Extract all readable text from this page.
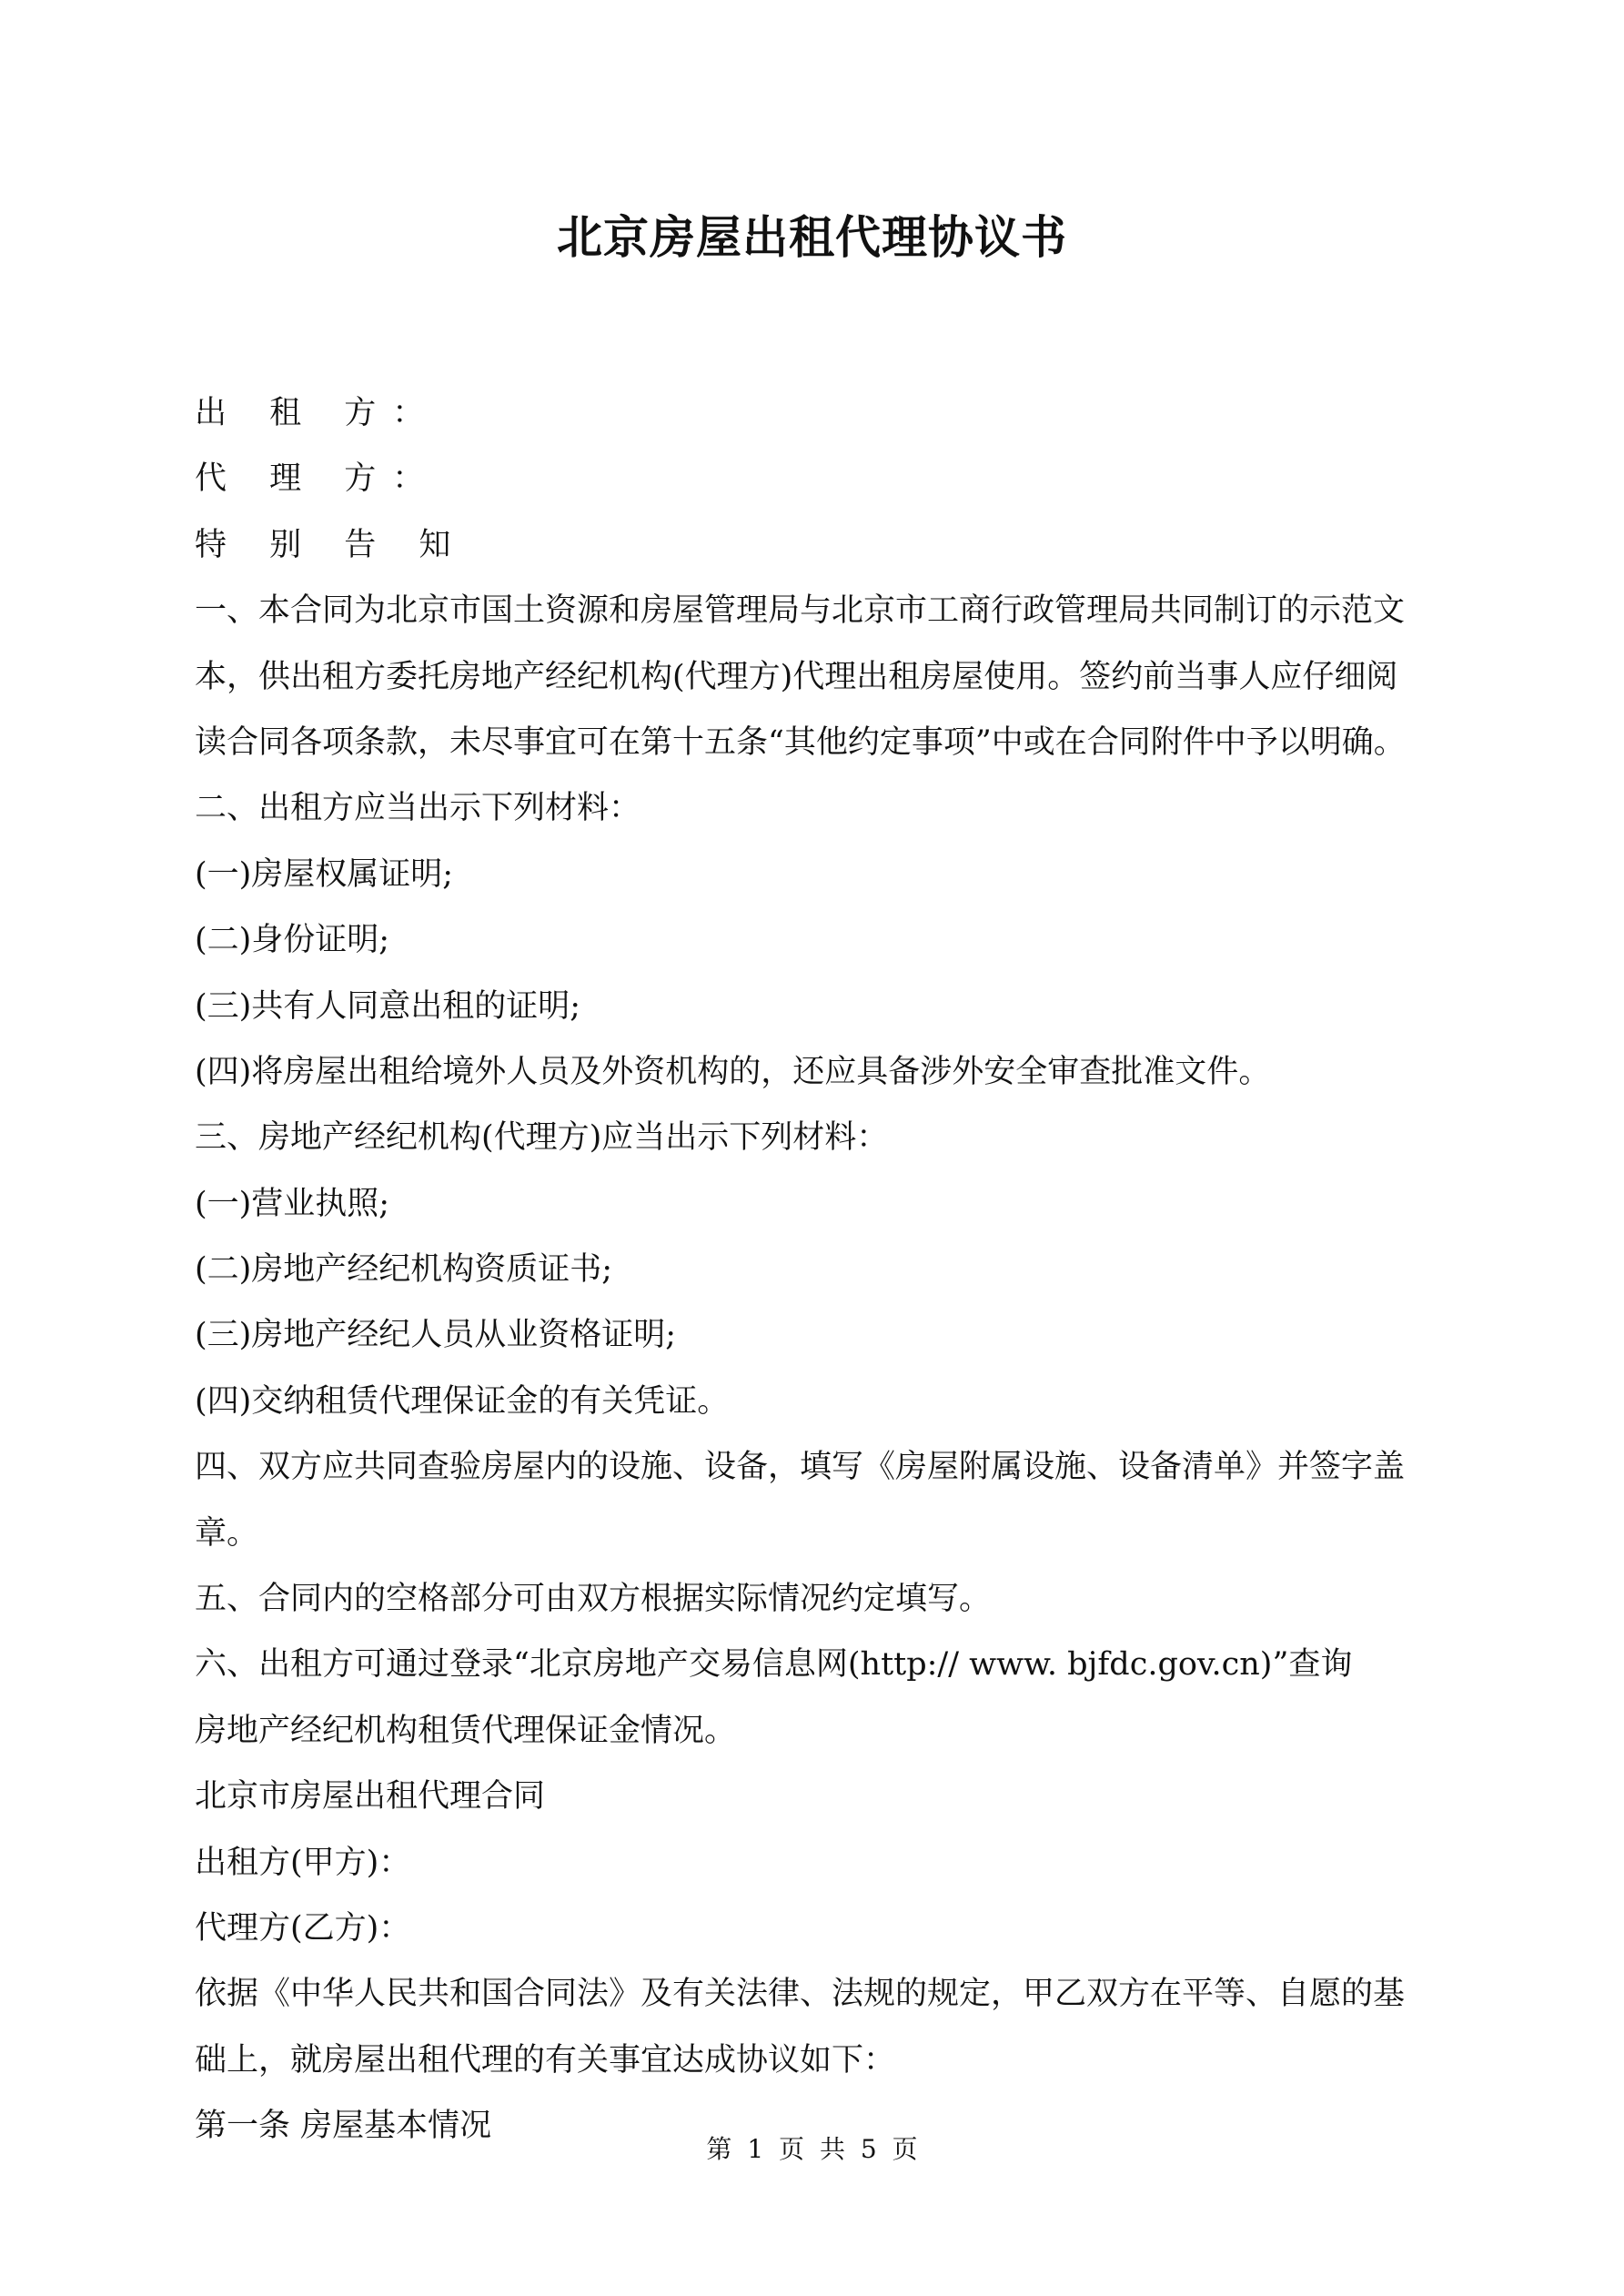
北京房屋出租代理协议书
出 租 方：
代 理 方：
特 别 告 知
一、本合同为北京市国土资源和房屋管理局与北京市工商行政管理局共同制订的示范文
本，供出租方委托房地产经纪机构(代理方)代理出租房屋使用。签约前当事人应仔细阅
读合同各项条款，未尽事宜可在第十五条“其他约定事项”中或在合同附件中予以明确。
二、出租方应当出示下列材料：
(一)房屋权属证明;
(二)身份证明;
(三)共有人同意出租的证明;
(四)将房屋出租给境外人员及外资机构的，还应具备涉外安全审查批准文件。
三、房地产经纪机构(代理方)应当出示下列材料：
(一)营业执照;
(二)房地产经纪机构资质证书;
(三)房地产经纪人员从业资格证明;
(四)交纳租赁代理保证金的有关凭证。
四、双方应共同查验房屋内的设施、设备，填写《房屋附属设施、设备清单》并签字盖
章。
五、合同内的空格部分可由双方根据实际情况约定填写。
六、出租方可通过登录“北京房地产交易信息网(http:// www. bjfdc.gov.cn)”查询
房地产经纪机构租赁代理保证金情况。
北京市房屋出租代理合同
出租方(甲方)：
代理方(乙方)：
依据《中华人民共和国合同法》及有关法律、法规的规定，甲乙双方在平等、自愿的基
础上，就房屋出租代理的有关事宜达成协议如下：
第一条 房屋基本情况
第 1 页 共 5 页
